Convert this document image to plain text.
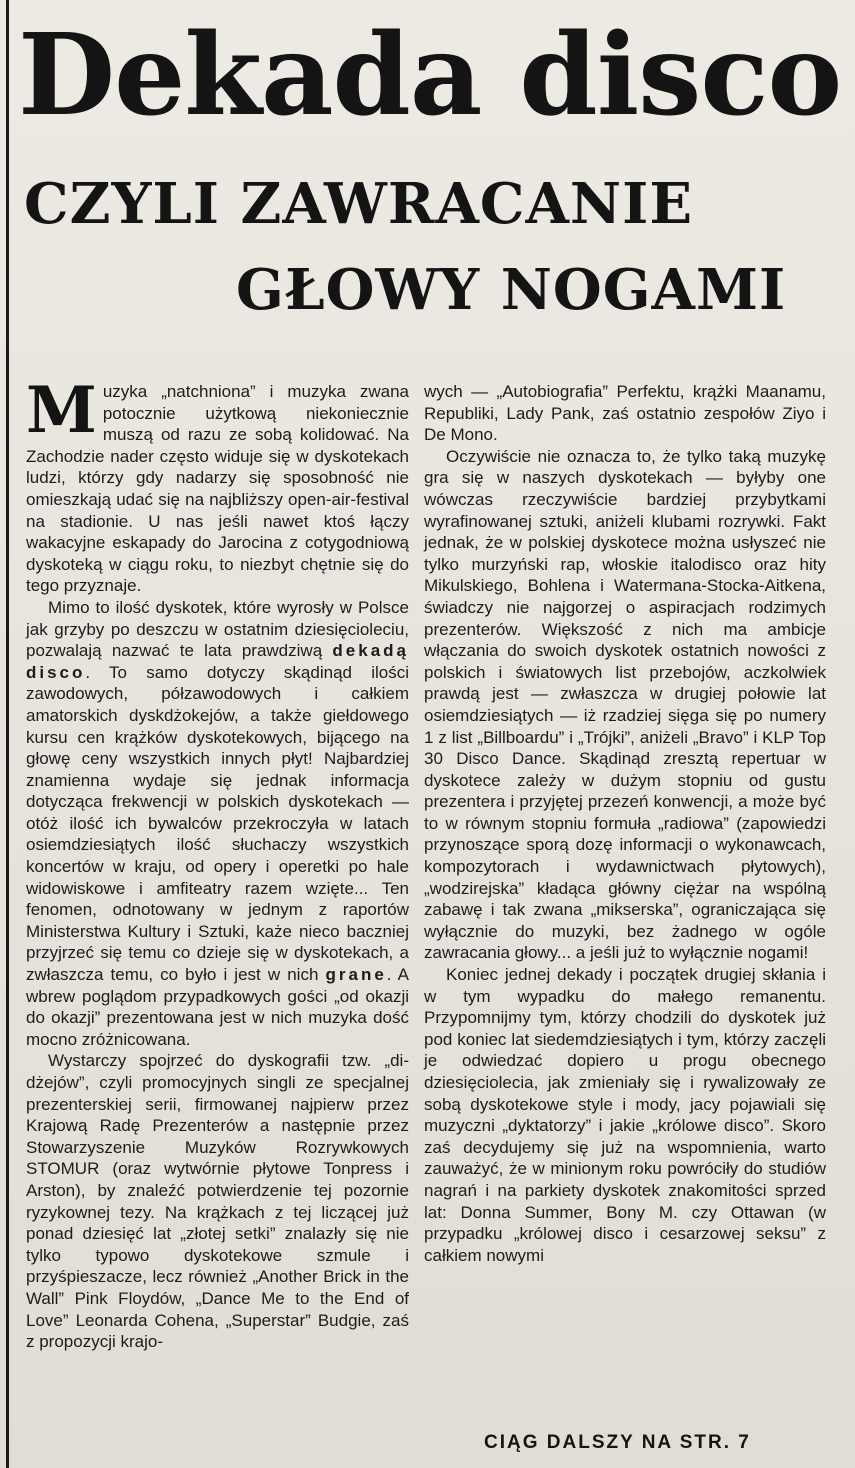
Dekada disco
CZYLI ZAWRACANIE
GŁOWY NOGAMI

Muzyka „natchniona” i muzyka zwana potocznie użytkową niekoniecznie muszą od razu ze sobą kolidować. Na Zachodzie nader często widuje się w dyskotekach ludzi, którzy gdy nadarzy się sposobność nie omieszkają udać się na najbliższy open-air-festival na stadionie. U nas jeśli nawet ktoś łączy wakacyjne eskapady do Jarocina z cotygodniową dyskoteką w ciągu roku, to niezbyt chętnie się do tego przyznaje.

Mimo to ilość dyskotek, które wyrosły w Polsce jak grzyby po deszczu w ostatnim dziesięcioleciu, pozwalają nazwać te lata prawdziwą dekadą disco. To samo dotyczy skądinąd ilości zawodowych, półzawodowych i całkiem amatorskich dyskdżokejów, a także giełdowego kursu cen krążków dyskotekowych, bijącego na głowę ceny wszystkich innych płyt! Najbardziej znamienna wydaje się jednak informacja dotycząca frekwencji w polskich dyskotekach — otóż ilość ich bywalców przekroczyła w latach osiemdziesiątych ilość słuchaczy wszystkich koncertów w kraju, od opery i operetki po hale widowiskowe i amfiteatry razem wzięte... Ten fenomen, odnotowany w jednym z raportów Ministerstwa Kultury i Sztuki, każe nieco baczniej przyjrzeć się temu co dzieje się w dyskotekach, a zwłaszcza temu, co było i jest w nich grane. A wbrew poglądom przypadkowych gości „od okazji do okazji” prezentowana jest w nich muzyka dość mocno zróżnicowana.

Wystarczy spojrzeć do dyskografii tzw. „di-dżejów”, czyli promocyjnych singli ze specjalnej prezenterskiej serii, firmowanej najpierw przez Krajową Radę Prezenterów a następnie przez Stowarzyszenie Muzyków Rozrywkowych STOMUR (oraz wytwórnie płytowe Tonpress i Arston), by znaleźć potwierdzenie tej pozornie ryzykownej tezy. Na krążkach z tej liczącej już ponad dziesięć lat „złotej setki” znalazły się nie tylko typowo dyskotekowe szmule i przyśpieszacze, lecz również „Another Brick in the Wall” Pink Floydów, „Dance Me to the End of Love” Leonarda Cohena, „Superstar” Budgie, zaś z propozycji krajo-

wych — „Autobiografia” Perfektu, krążki Maanamu, Republiki, Lady Pank, zaś ostatnio zespołów Ziyo i De Mono.

Oczywiście nie oznacza to, że tylko taką muzykę gra się w naszych dyskotekach — byłyby one wówczas rzeczywiście bardziej przybytkami wyrafinowanej sztuki, aniżeli klubami rozrywki. Fakt jednak, że w polskiej dyskotece można usłyszeć nie tylko murzyński rap, włoskie italodisco oraz hity Mikulskiego, Bohlena i Watermana-Stocka-Aitkena, świadczy nie najgorzej o aspiracjach rodzimych prezenterów. Większość z nich ma ambicje włączania do swoich dyskotek ostatnich nowości z polskich i światowych list przebojów, aczkolwiek prawdą jest — zwłaszcza w drugiej połowie lat osiemdziesiątych — iż rzadziej sięga się po numery 1 z list „Billboardu” i „Trójki”, aniżeli „Bravo” i KLP Top 30 Disco Dance. Skądinąd zresztą repertuar w dyskotece zależy w dużym stopniu od gustu prezentera i przyjętej przezeń konwencji, a może być to w równym stopniu formuła „radiowa” (zapowiedzi przynoszące sporą dozę informacji o wykonawcach, kompozytorach i wydawnictwach płytowych), „wodzirejska” kładąca główny ciężar na wspólną zabawę i tak zwana „mikserska”, ograniczająca się wyłącznie do muzyki, bez żadnego w ogóle zawracania głowy... a jeśli już to wyłącznie nogami!

Koniec jednej dekady i początek drugiej skłania i w tym wypadku do małego remanentu. Przypomnijmy tym, którzy chodzili do dyskotek już pod koniec lat siedemdziesiątych i tym, którzy zaczęli je odwiedzać dopiero u progu obecnego dziesięciolecia, jak zmieniały się i rywalizowały ze sobą dyskotekowe style i mody, jacy pojawiali się muzyczni „dyktatorzy” i jakie „królowe disco”. Skoro zaś decydujemy się już na wspomnienia, warto zauważyć, że w minionym roku powróciły do studiów nagrań i na parkiety dyskotek znakomitości sprzed lat: Donna Summer, Bony M. czy Ottawan (w przypadku „królowej disco i cesarzowej seksu” z całkiem nowymi

CIĄG DALSZY NA STR. 7
